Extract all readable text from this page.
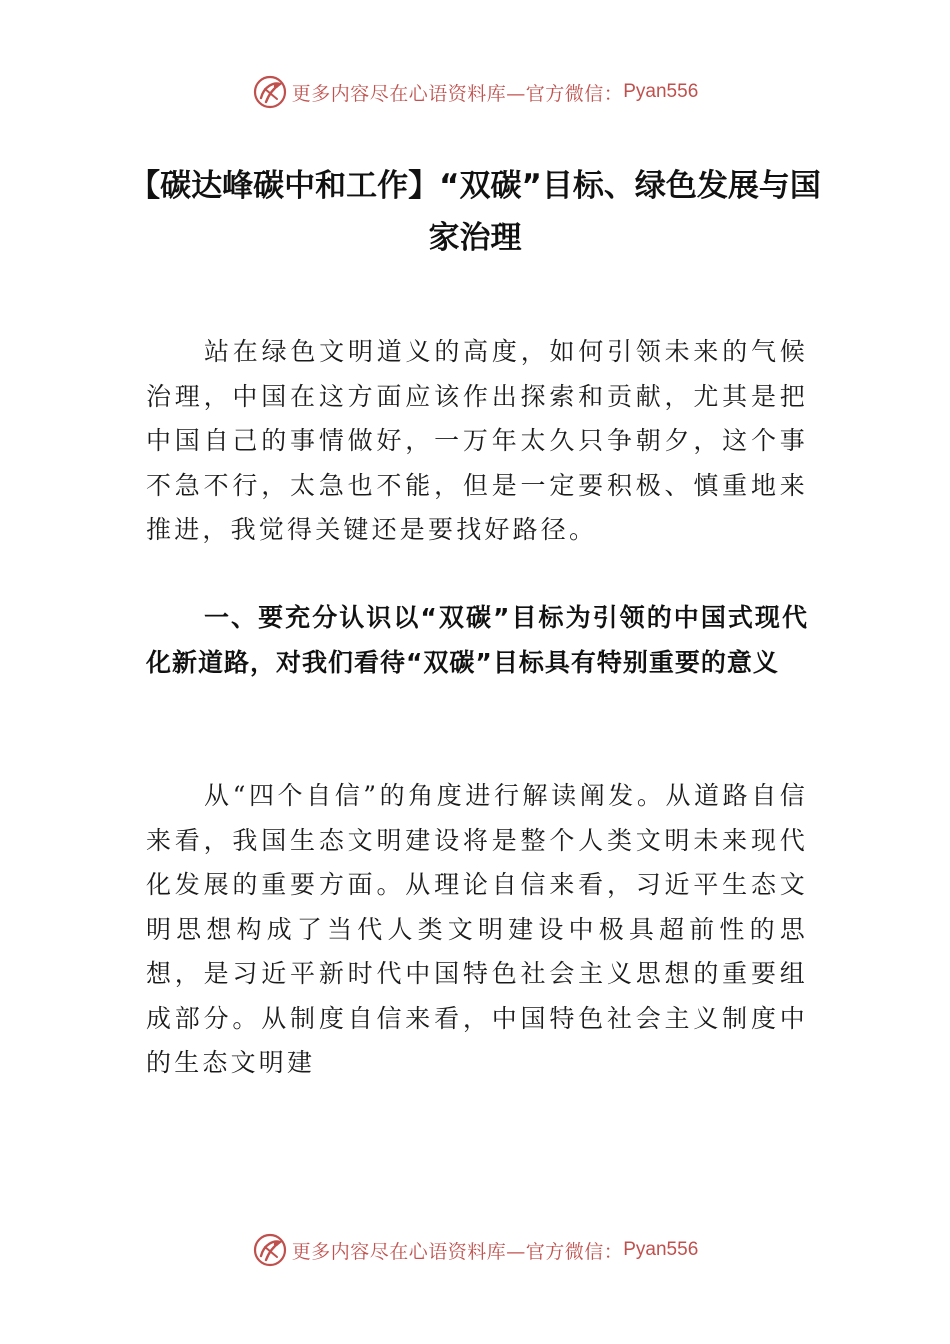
更多内容尽在心语资料库—官方微信： Pyan556
【碳达峰碳中和工作】“双碳”目标、绿色发展与国家治理

站在绿色文明道义的高度，如何引领未来的气候治理，中国在这方面应该作出探索和贡献，尤其是把中国自己的事情做好，一万年太久只争朝夕，这个事不急不行，太急也不能，但是一定要积极、慎重地来推进，我觉得关键还是要找好路径。

一、要充分认识以“双碳”目标为引领的中国式现代化新道路，对我们看待“双碳”目标具有特别重要的意义

从“四个自信”的角度进行解读阐发。从道路自信来看，我国生态文明建设将是整个人类文明未来现代化发展的重要方面。从理论自信来看，习近平生态文明思想构成了当代人类文明建设中极具超前性的思想，是习近平新时代中国特色社会主义思想的重要组成部分。从制度自信来看，中国特色社会主义制度中的生态文明建

更多内容尽在心语资料库—官方微信： Pyan556
